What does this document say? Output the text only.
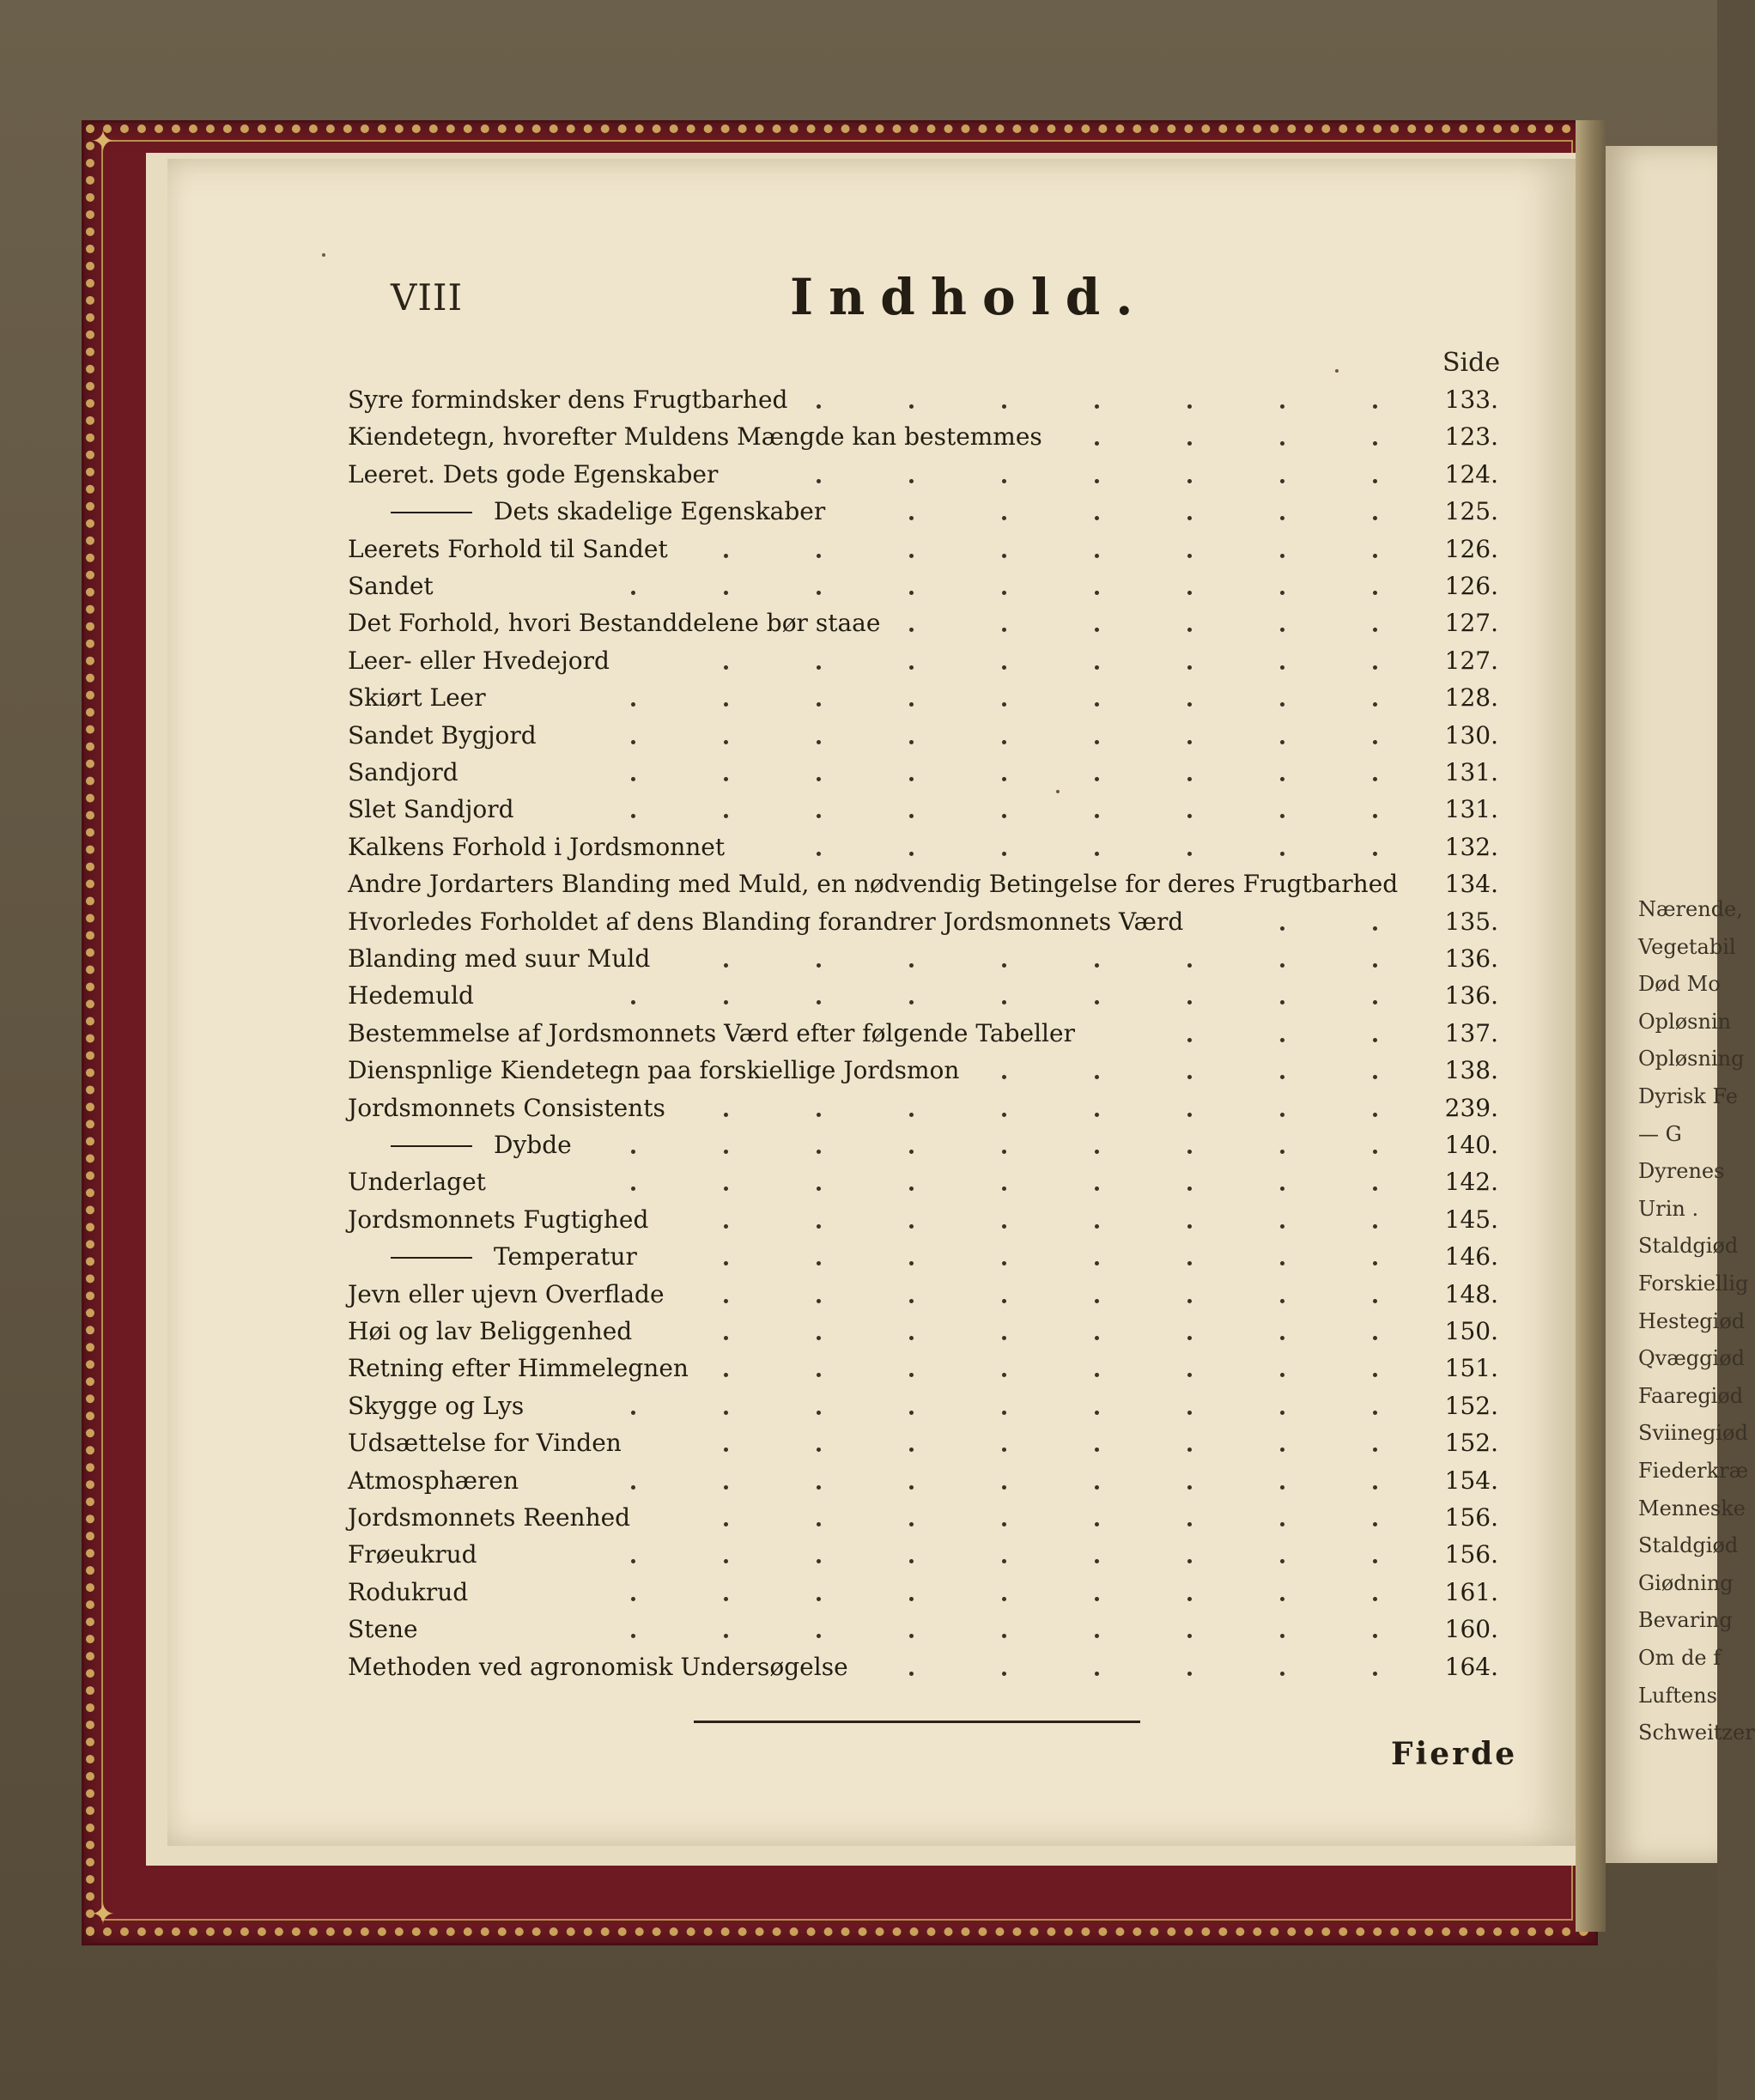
✦
✦
Nærende,
Vegetabil
Død Mo
Opløsnin
Opløsning
Dyrisk Fe
— G
Dyrenes
Urin .
Staldgiød
Forskiellig
Hestegiød
Qvæggiød
Faaregiød
Sviinegiød
Fiederkræ
Menneske
Staldgiød
Giødning
Bevaring
Om de f
Luftens
Schweitzer
VIII	Indhold.
Side
Syre formindsker dens Frugtbarhed	133.
Kiendetegn, hvorefter Muldens Mængde kan bestemmes	123.
Leeret. Dets gode Egenskaber	124.
Dets skadelige Egenskaber	125.
Leerets Forhold til Sandet	126.
Sandet	126.
Det Forhold, hvori Bestanddelene bør staae	127.
Leer- eller Hvedejord	127.
Skiørt Leer	128.
Sandet Bygjord	130.
Sandjord	131.
Slet Sandjord	131.
Kalkens Forhold i Jordsmonnet	132.
Andre Jordarters Blanding med Muld, en nødvendig Betingelse for deres Frugtbarhed	134.
Hvorledes Forholdet af dens Blanding forandrer Jordsmonnets Værd	135.
Blanding med suur Muld	136.
Hedemuld	136.
Bestemmelse af Jordsmonnets Værd efter følgende Tabeller	137.
Dienspnlige Kiendetegn paa forskiellige Jordsmon	138.
Jordsmonnets Consistents	239.
Dybde	140.
Underlaget	142.
Jordsmonnets Fugtighed	145.
Temperatur	146.
Jevn eller ujevn Overflade	148.
Høi og lav Beliggenhed	150.
Retning efter Himmelegnen	151.
Skygge og Lys	152.
Udsættelse for Vinden	152.
Atmosphæren	154.
Jordsmonnets Reenhed	156.
Frøeukrud	156.
Rodukrud	161.
Stene	160.
Methoden ved agronomisk Undersøgelse	164.
Fierde
